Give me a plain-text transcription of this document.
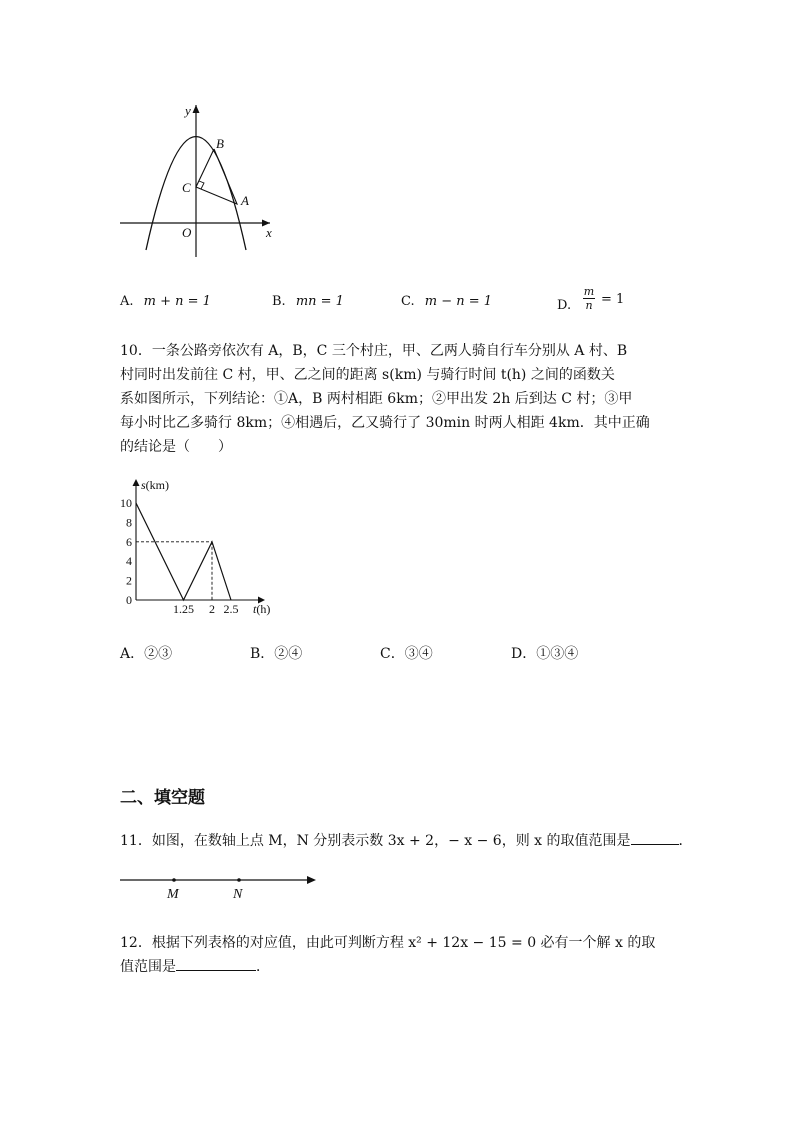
y
x
O
B
C
A
A. m + n = 1	B. mn = 1	C. m − n = 1	D.
m
n = 1
10．一条公路旁依次有 A，B，C 三个村庄，甲、乙两人骑自行车分别从 A 村、B
村同时出发前往 C 村，甲、乙之间的距离 s(km) 与骑行时间 t(h) 之间的函数关
系如图所示，下列结论：①A，B 两村相距 6km；②甲出发 2h 后到达 C 村；③甲
每小时比乙多骑行 8km；④相遇后，乙又骑行了 30min 时两人相距 4km．其中正确
的结论是（　　）
s(km)
t(h)
0
2
4
6
8
10
1.25 2 2.5
A．②③	B．②④	C．③④	D．①③④
二、填空题
11．如图，在数轴上点 M，N 分别表示数 3x + 2，− x − 6，则 x 的取值范围是	．
M	N
12．根据下列表格的对应值，由此可判断方程 x² + 12x − 15 = 0 必有一个解 x 的取
值范围是	．
